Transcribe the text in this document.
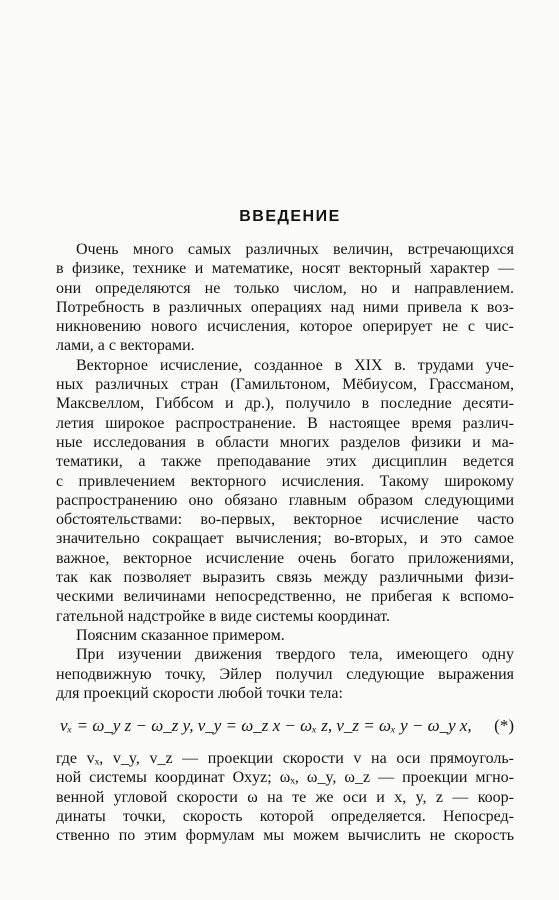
ВВЕДЕНИЕ
Очень много самых различных величин, встречающихся
в физике, технике и математике, носят векторный характер —
они определяются не только числом, но и направлением.
Потребность в различных операциях над ними привела к воз-
никновению нового исчисления, которое оперирует не с чис-
лами, а с векторами.
Векторное исчисление, созданное в XIX в. трудами уче-
ных различных стран (Гамильтоном, Мёбиусом, Грассманом,
Максвеллом, Гиббсом и др.), получило в последние десяти-
летия широкое распространение. В настоящее время различ-
ные исследования в области многих разделов физики и ма-
тематики, а также преподавание этих дисциплин ведется
с привлечением векторного исчисления. Такому широкому
распространению оно обязано главным образом следующими
обстоятельствами: во-первых, векторное исчисление часто
значительно сокращает вычисления; во-вторых, и это самое
важное, векторное исчисление очень богато приложениями,
так как позволяет выразить связь между различными физи-
ческими величинами непосредственно, не прибегая к вспомо-
гательной надстройке в виде системы координат.
Поясним сказанное примером.
При изучении движения твердого тела, имеющего одну
неподвижную точку, Эйлер получил следующие выражения
для проекций скорости любой точки тела:
vₓ = ω_y z − ω_z y, v_y = ω_z x − ωₓ z, v_z = ωₓ y − ω_y x, (*)
где vₓ, v_y, v_z — проекции скорости v на оси прямоуголь-
ной системы координат Oxyz; ωₓ, ω_y, ω_z — проекции мгно-
венной угловой скорости ω на те же оси и x, y, z — коор-
динаты точки, скорость которой определяется. Непосред-
ственно по этим формулам мы можем вычислить не скорость
